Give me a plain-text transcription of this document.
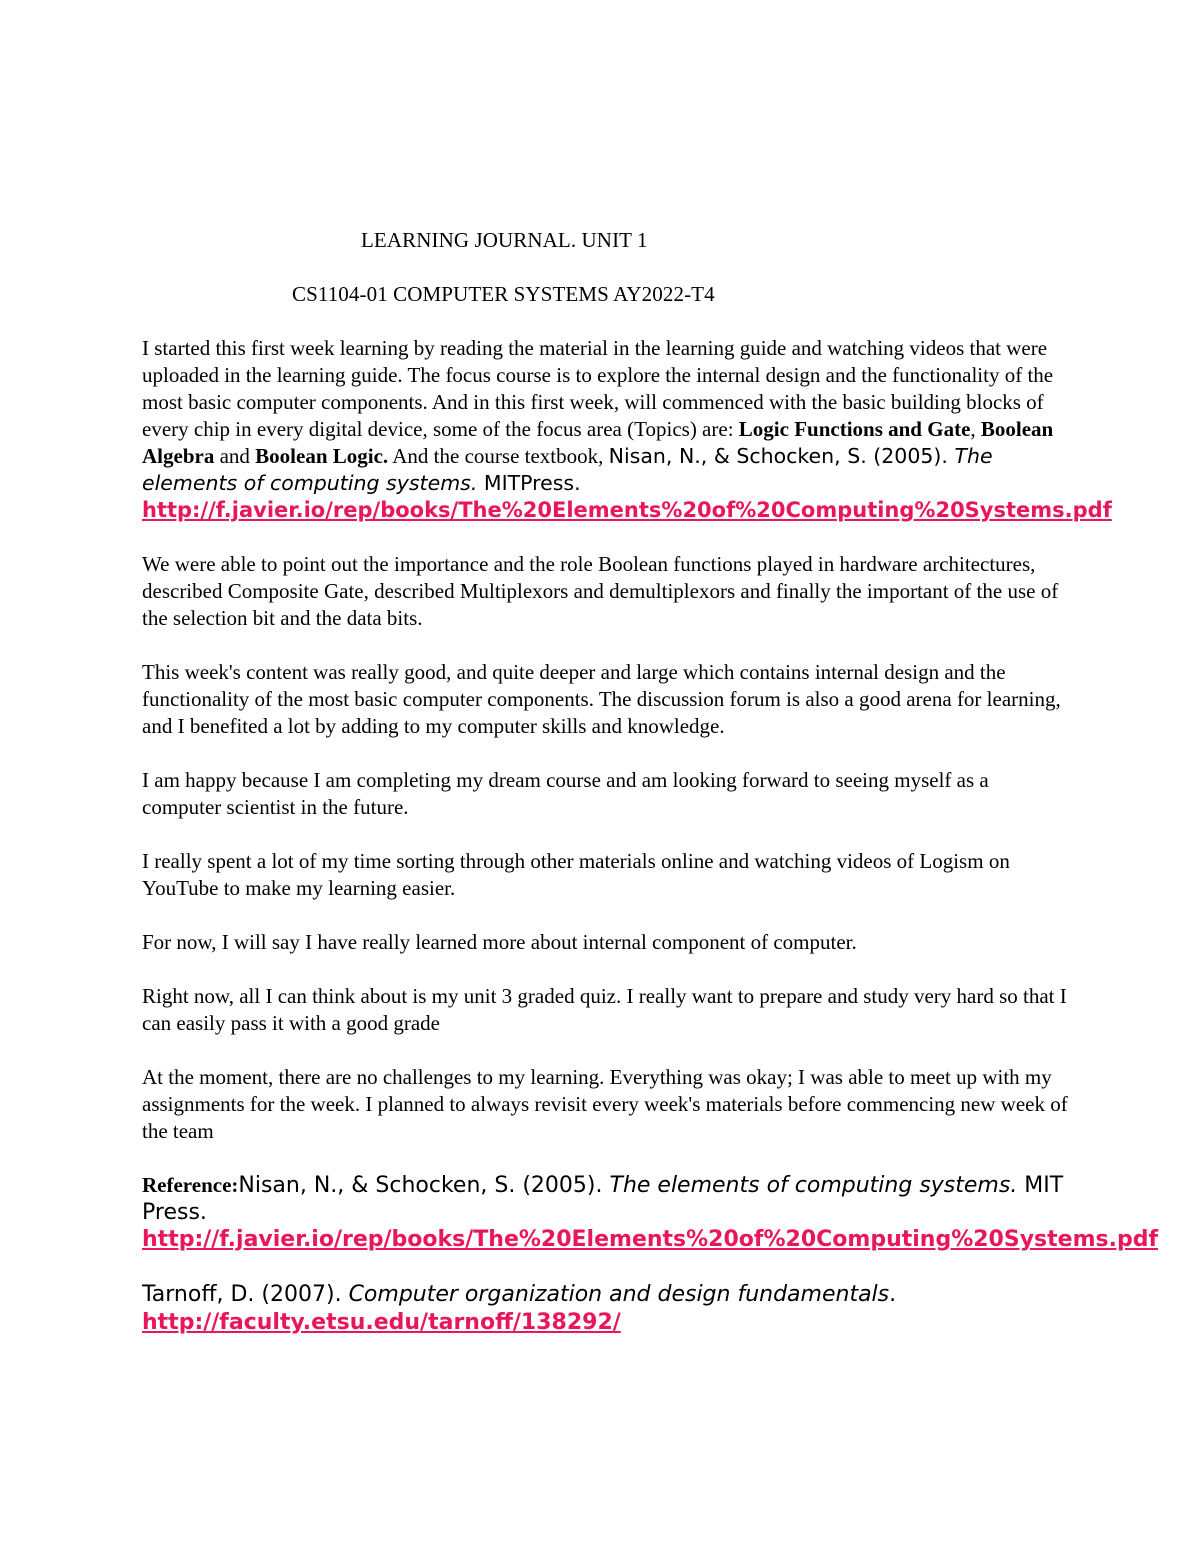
LEARNING JOURNAL. UNIT 1
CS1104-01 COMPUTER SYSTEMS AY2022-T4

I started this first week learning by reading the material in the learning guide and watching videos that were uploaded in the learning guide. The focus course is to explore the internal design and the functionality of the most basic computer components. And in this first week, will commenced with the basic building blocks of every chip in every digital device, some of the focus area (Topics) are: Logic Functions and Gate, Boolean Algebra and Boolean Logic. And the course textbook, Nisan, N., & Schocken, S. (2005). The elements of computing systems. MITPress. http://f.javier.io/rep/books/The%20Elements%20of%20Computing%20Systems.pdf

We were able to point out the importance and the role Boolean functions played in hardware architectures, described Composite Gate, described Multiplexors and demultiplexors and finally the important of the use of the selection bit and the data bits.

This week's content was really good, and quite deeper and large which contains internal design and the functionality of the most basic computer components. The discussion forum is also a good arena for learning, and I benefited a lot by adding to my computer skills and knowledge.

I am happy because I am completing my dream course and am looking forward to seeing myself as a computer scientist in the future.

I really spent a lot of my time sorting through other materials online and watching videos of Logism on YouTube to make my learning easier.

For now, I will say I have really learned more about internal component of computer.

Right now, all I can think about is my unit 3 graded quiz. I really want to prepare and study very hard so that I can easily pass it with a good grade

At the moment, there are no challenges to my learning. Everything was okay; I was able to meet up with my assignments for the week. I planned to always revisit every week's materials before commencing new week of the team

Reference:Nisan, N., & Schocken, S. (2005). The elements of computing systems. MIT Press. http://f.javier.io/rep/books/The%20Elements%20of%20Computing%20Systems.pdf

Tarnoff, D. (2007). Computer organization and design fundamentals. http://faculty.etsu.edu/tarnoff/138292/
